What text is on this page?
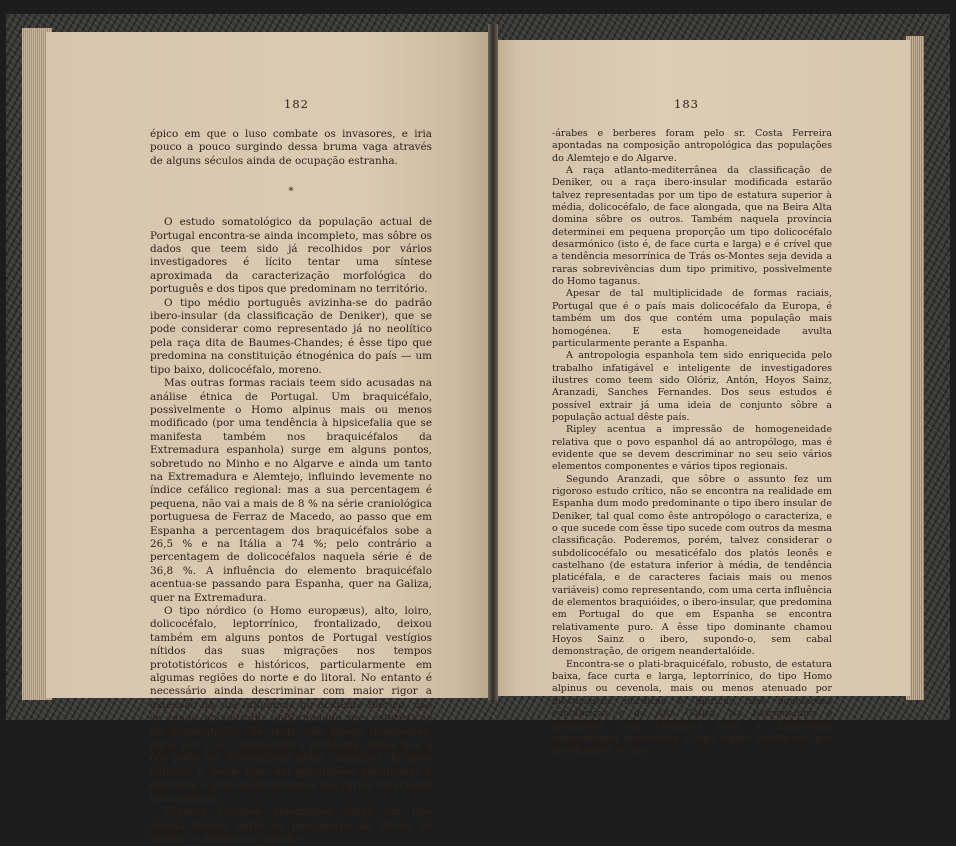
182	183

épico em que o luso combate os invasores, e iria pouco a pouco surgindo dessa bruma vaga através de alguns séculos ainda de ocupação estranha.

*

O estudo somatológico da população actual de Portugal encontra-se ainda incompleto, mas sôbre os dados que teem sido já recolhidos por vários investigadores é lícito tentar uma síntese aproximada da caracterização morfológica do português e dos tipos que predominam no território.

O tipo médio português avizinha-se do padrão ibero-insular (da classificação de Deniker), que se pode considerar como representado já no neolítico pela raça dita de Baumes-Chandes; é êsse tipo que predomina na constituição étnogénica do país — um tipo baixo, dolicocéfalo, moreno.

Mas outras formas raciais teem sido acusadas na análise étnica de Portugal. Um braquicéfalo, possìvelmente o Homo alpinus mais ou menos modificado (por uma tendência à hipsicefalia que se manifesta também nos braquicéfalos da Extremadura espanhola) surge em alguns pontos, sobretudo no Minho e no Algarve e ainda um tanto na Extremadura e Alemtejo, influindo levemente no índice cefálico regional: mas a sua percentagem é pequena, não vai a mais de 8 % na série craniológica portuguesa de Ferraz de Macedo, ao passo que em Espanha a percentagem dos braquicéfalos sobe a 26,5 % e na Itália a 74 %; pelo contrário a percentagem de dolicocéfalos naquela série é de 36,8 %. A influência do elemento braquicéfalo acentua-se passando para Espanha, quer na Galiza, quer na Extremadura.

O tipo nórdico (o Homo europæus), alto, loiro, dolicocéfalo, leptorrínico, frontalizado, deixou também em alguns pontos de Portugal vestígios nítidos das suas migrações nos tempos prototistóricos e históricos, particularmente em algumas regiões do norte e do litoral. No entanto é necessário ainda descriminar com maior rigor a extensão da sua influência no ocidente ibérico, não se tendo encontrado uniformidade nas estatísticas de pigmentação, de resto são talvez impotentes, para, por si só, resolverem o problema, desde que a côr pode ser influenciada pelas condições do meio exterior e desde que, em populações mestiçadas é diferente o grau de dominância dos vários caracteres taxonómicos.

Fonseca Cardoso determinou ainda um tipo semita fenício entre os pescadores da Póvoa de Varzim, e influências semito-

-árabes e berberes foram pelo sr. Costa Ferreira apontadas na composição antropológica das populações do Alemtejo e do Algarve.

A raça atlanto-mediterrânea da classificação de Deniker, ou a raça ibero-insular modificada estarão talvez representadas por um tipo de estatura superior à média, dolicocéfalo, de face alongada, que na Beira Alta domina sôbre os outros. Também naquela província determinei em pequena proporção um tipo dolicocéfalo desarmónico (isto é, de face curta e larga) e é crível que a tendência mesorrínica de Trás os-Montes seja devida a raras sobrevivências dum tipo primitivo, possìvelmente do Homo taganus.

Apesar de tal multiplicidade de formas raciais, Portugal que é o país mais dolicocéfalo da Europa, é também um dos que contém uma população mais homogénea. E esta homogeneidade avulta particularmente perante a Espanha.

A antropologia espanhola tem sido enriquecida pelo trabalho infatigável e inteligente de investigadores ilustres como teem sido Olóriz, Antón, Hoyos Sainz, Aranzadi, Sanches Fernandes. Dos seus estudos é possível extrair já uma ideia de conjunto sôbre a população actual dêste país.

Ripley acentua a impressão de homogeneidade relativa que o povo espanhol dá ao antropólogo, mas é evidente que se devem descriminar no seu seio vários elementos componentes e vários tipos regionais.

Segundo Aranzadi, que sôbre o assunto fez um rigoroso estudo crítico, não se encontra na realidade em Espanha dum modo predominante o tipo ibero insular de Deniker, tal qual como êste antropólogo o caracteriza, e o que sucede com êsse tipo sucede com outros da mesma classificação. Poderemos, porém, talvez considerar o subdolicocéfalo ou mesaticéfalo dos platós leonês e castelhano (de estatura inferior à média, de tendência platicéfala, e de caracteres faciais mais ou menos variáveis) como representando, com uma certa influência de elementos braquióides, o ibero-insular, que predomina em Portugal do que em Espanha se encontra relativamente puro. A êsse tipo dominante chamou Hoyos Sainz o ibero, supondo-o, sem cabal demonstração, de origem neandertalóide.

Encontra-se o plati-braquicéfalo, robusto, de estatura baixa, face curta e larga, leptorrínico, do tipo Homo alpinus ou cevenola, mais ou menos atenuado por mestiçagens nórdicas e ibéricas, nas populações cantábricas e da Alta Galiza. Na Extremadura o braquióide com tendência para a hipsicefalia representaria porventura o tipo alpino modificado por mestiçagem, ou um
